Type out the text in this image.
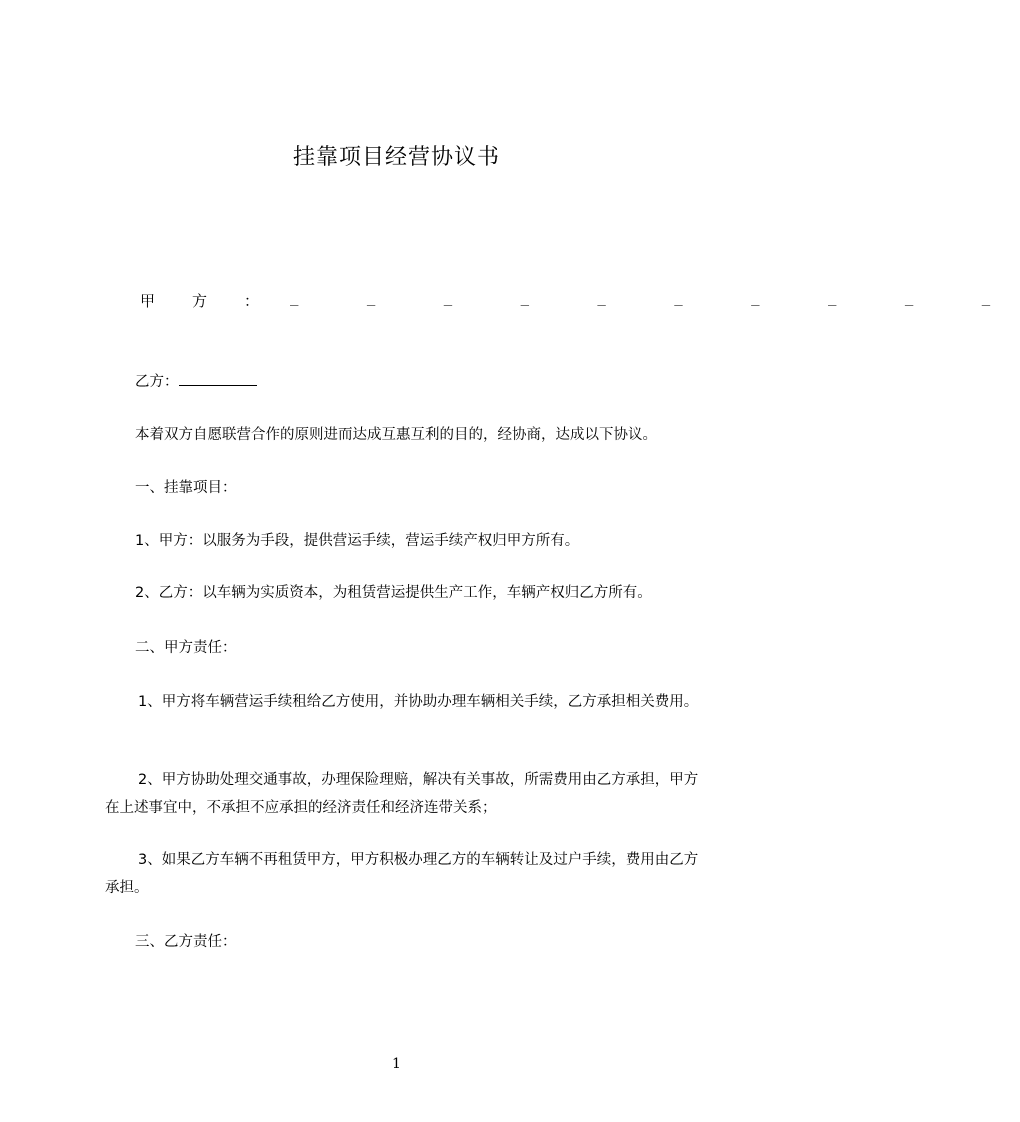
挂靠项目经营协议书
甲 方 ： _ _ _ _ _ _ _ _ _ _
乙方：
本着双方自愿联营合作的原则进而达成互惠互利的目的，经协商，达成以下协议。
一、挂靠项目：
1、甲方：以服务为手段，提供营运手续，营运手续产权归甲方所有。
2、乙方：以车辆为实质资本，为租赁营运提供生产工作，车辆产权归乙方所有。
二、甲方责任：
1、甲方将车辆营运手续租给乙方使用，并协助办理车辆相关手续，乙方承担相关费用。
2、甲方协助处理交通事故，办理保险理赔，解决有关事故，所需费用由乙方承担，甲方在上述事宜中，不承担不应承担的经济责任和经济连带关系；
3、如果乙方车辆不再租赁甲方，甲方积极办理乙方的车辆转让及过户手续，费用由乙方承担。
三、乙方责任：
1
